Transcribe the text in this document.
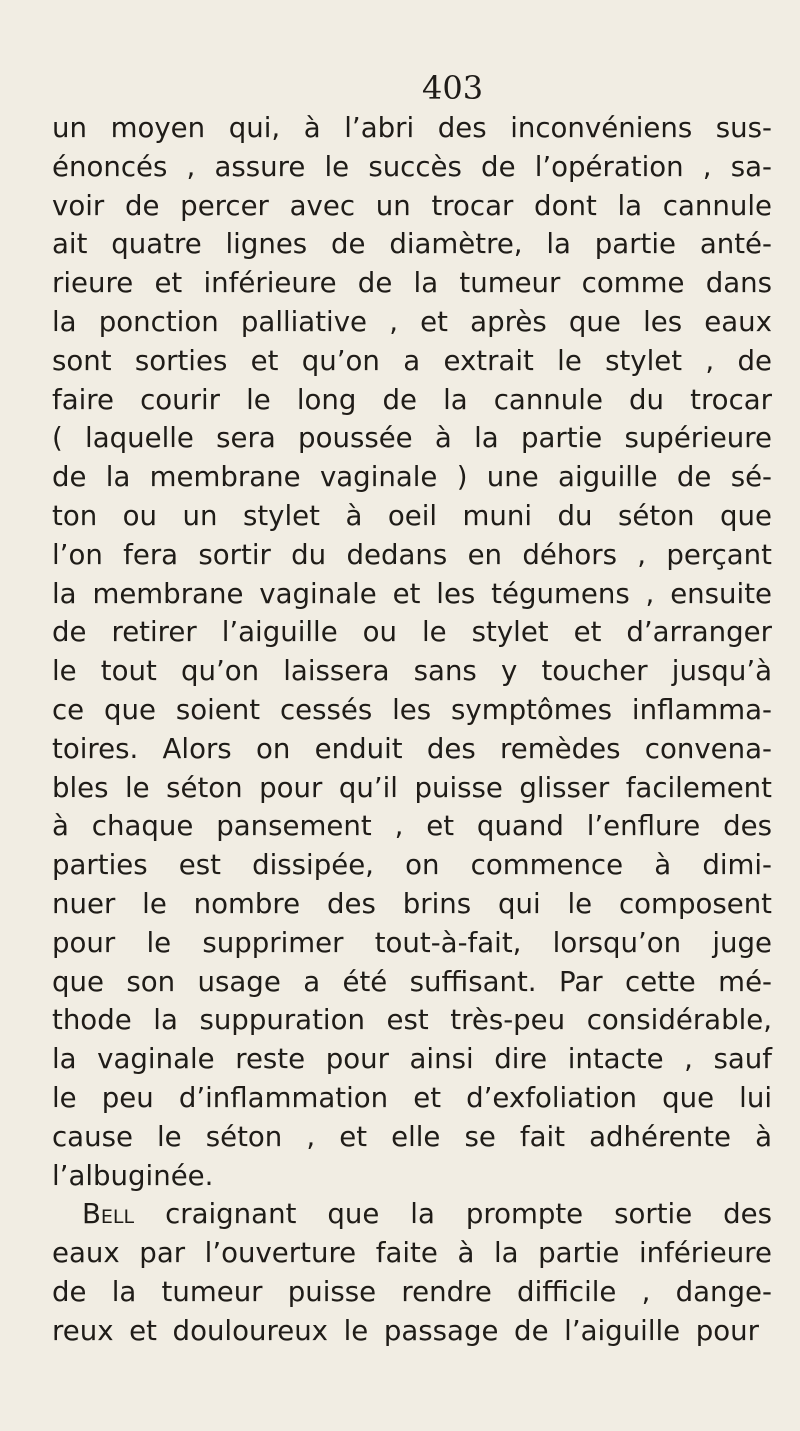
403
un moyen qui, à l’abri des inconvéniens sus-
énoncés , assure le succès de l’opération , sa-
voir de percer avec un trocar dont la cannule
ait quatre lignes de diamètre, la partie anté-
rieure et inférieure de la tumeur comme dans
la ponction palliative , et après que les eaux
sont sorties et qu’on a extrait le stylet , de
faire courir le long de la cannule du trocar
( laquelle sera poussée à la partie supérieure
de la membrane vaginale ) une aiguille de sé-
ton ou un stylet à oeil muni du séton que
l’on fera sortir du dedans en déhors , perçant
la membrane vaginale et les tégumens , ensuite
de retirer l’aiguille ou le stylet et d’arranger
le tout qu’on laissera sans y toucher jusqu’à
ce que soient cessés les symptômes inflamma-
toires. Alors on enduit des remèdes convena-
bles le séton pour qu’il puisse glisser facilement
à chaque pansement , et quand l’enflure des
parties est dissipée, on commence à dimi-
nuer le nombre des brins qui le composent
pour le supprimer tout-à-fait, lorsqu’on juge
que son usage a été suffisant. Par cette mé-
thode la suppuration est très-peu considérable,
la vaginale reste pour ainsi dire intacte , sauf
le peu d’inflammation et d’exfoliation que lui
cause le séton , et elle se fait adhérente à
l’albuginée.
Bell craignant que la prompte sortie des
eaux par l’ouverture faite à la partie inférieure
de la tumeur puisse rendre difficile , dange-
reux et douloureux le passage de l’aiguille pour
